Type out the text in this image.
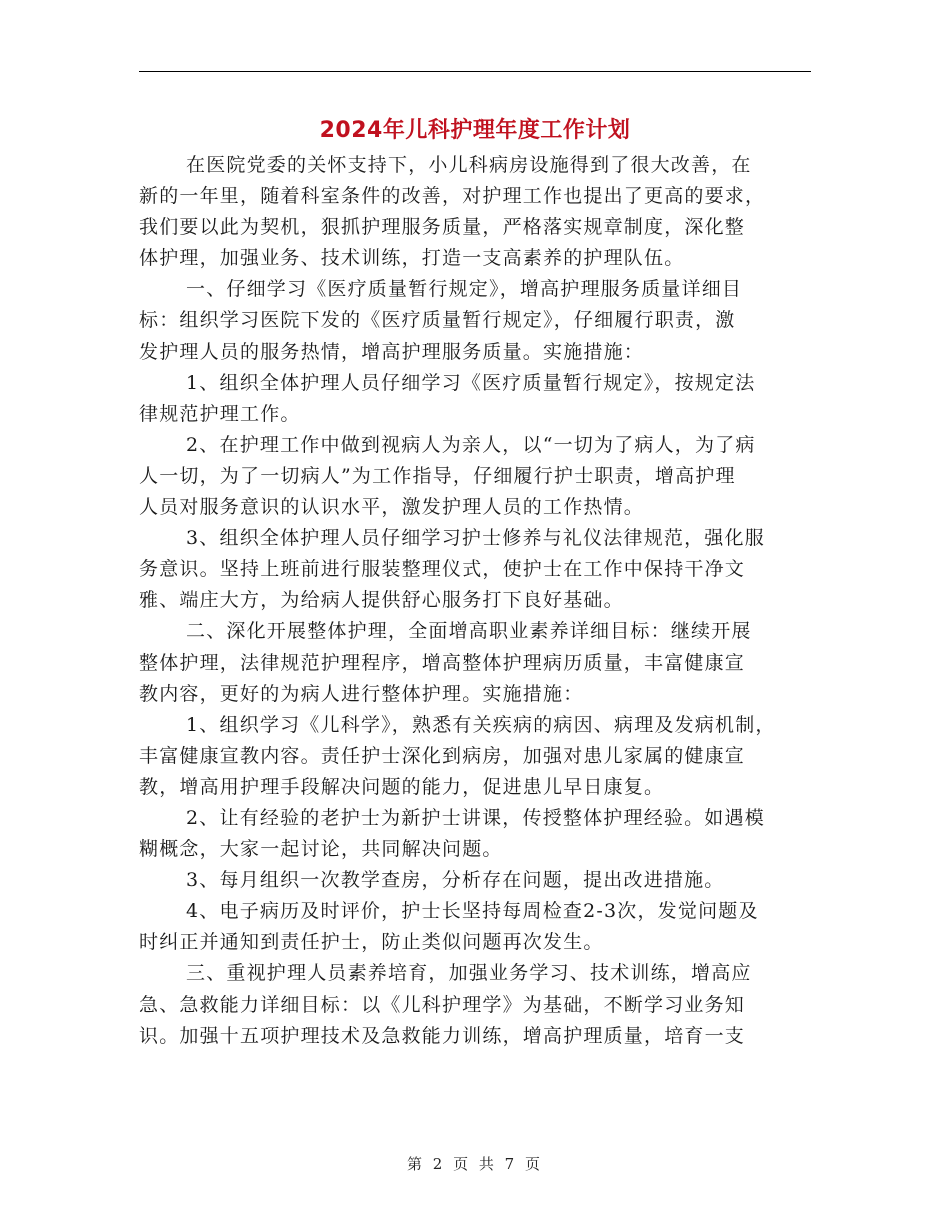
2024年儿科护理年度工作计划
在医院党委的关怀支持下，小儿科病房设施得到了很大改善，在
新的一年里，随着科室条件的改善，对护理工作也提出了更高的要求，
我们要以此为契机，狠抓护理服务质量，严格落实规章制度，深化整
体护理，加强业务、技术训练，打造一支高素养的护理队伍。
一、仔细学习《医疗质量暂行规定》，增高护理服务质量详细目
标：组织学习医院下发的《医疗质量暂行规定》，仔细履行职责，激
发护理人员的服务热情，增高护理服务质量。实施措施：
1、组织全体护理人员仔细学习《医疗质量暂行规定》，按规定法
律规范护理工作。
2、在护理工作中做到视病人为亲人，以“一切为了病人，为了病
人一切，为了一切病人”为工作指导，仔细履行护士职责，增高护理
人员对服务意识的认识水平，激发护理人员的工作热情。
3、组织全体护理人员仔细学习护士修养与礼仪法律规范，强化服
务意识。坚持上班前进行服装整理仪式，使护士在工作中保持干净文
雅、端庄大方，为给病人提供舒心服务打下良好基础。
二、深化开展整体护理，全面增高职业素养详细目标：继续开展
整体护理，法律规范护理程序，增高整体护理病历质量，丰富健康宣
教内容，更好的为病人进行整体护理。实施措施：
1、组织学习《儿科学》，熟悉有关疾病的病因、病理及发病机制，
丰富健康宣教内容。责任护士深化到病房，加强对患儿家属的健康宣
教，增高用护理手段解决问题的能力，促进患儿早日康复。
2、让有经验的老护士为新护士讲课，传授整体护理经验。如遇模
糊概念，大家一起讨论，共同解决问题。
3、每月组织一次教学查房，分析存在问题，提出改进措施。
4、电子病历及时评价，护士长坚持每周检查2-3次，发觉问题及
时纠正并通知到责任护士，防止类似问题再次发生。
三、重视护理人员素养培育，加强业务学习、技术训练，增高应
急、急救能力详细目标：以《儿科护理学》为基础，不断学习业务知
识。加强十五项护理技术及急救能力训练，增高护理质量，培育一支
第 2 页 共 7 页
